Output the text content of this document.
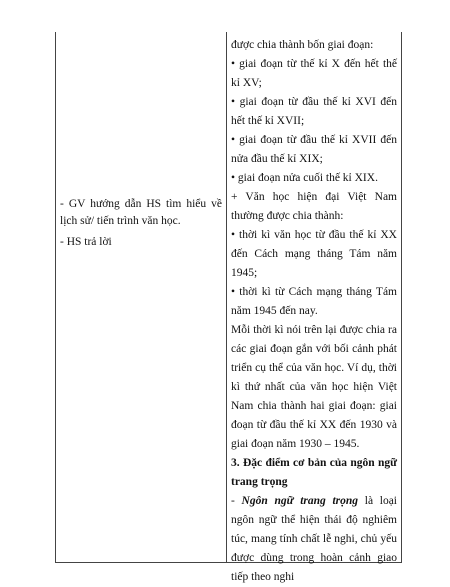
- GV hướng dẫn HS tìm hiểu về lịch sử/ tiến trình văn học.
- HS trả lời

được chia thành bốn giai đoạn:

• giai đoạn từ thế kỉ X đến hết thế kỉ XV;

• giai đoạn từ đầu thế kỉ XVI đến hết thế kỉ XVII;

• giai đoạn từ đầu thế kỉ XVII đến nửa đầu thế kỉ XIX;

• giai đoạn nửa cuối thế kỉ XIX.

+ Văn học hiện đại Việt Nam thường được chia thành:

• thời kì văn học từ đầu thế kỉ XX đến Cách mạng tháng Tám năm 1945;

• thời kì từ Cách mạng tháng Tám năm 1945 đến nay.

Mỗi thời kì nói trên lại được chia ra các giai đoạn gắn với bối cảnh phát triển cụ thể của văn học. Ví dụ, thời kì thứ nhất của văn học hiện Việt Nam chia thành hai giai đoạn: giai đoạn từ đầu thế kỉ XX đến 1930 và giai đoạn năm 1930 – 1945.

3. Đặc điểm cơ bản của ngôn ngữ trang trọng

- Ngôn ngữ trang trọng là loại ngôn ngữ thể hiện thái độ nghiêm túc, mang tính chất lễ nghi, chủ yếu được dùng trong hoàn cảnh giao tiếp theo nghi
